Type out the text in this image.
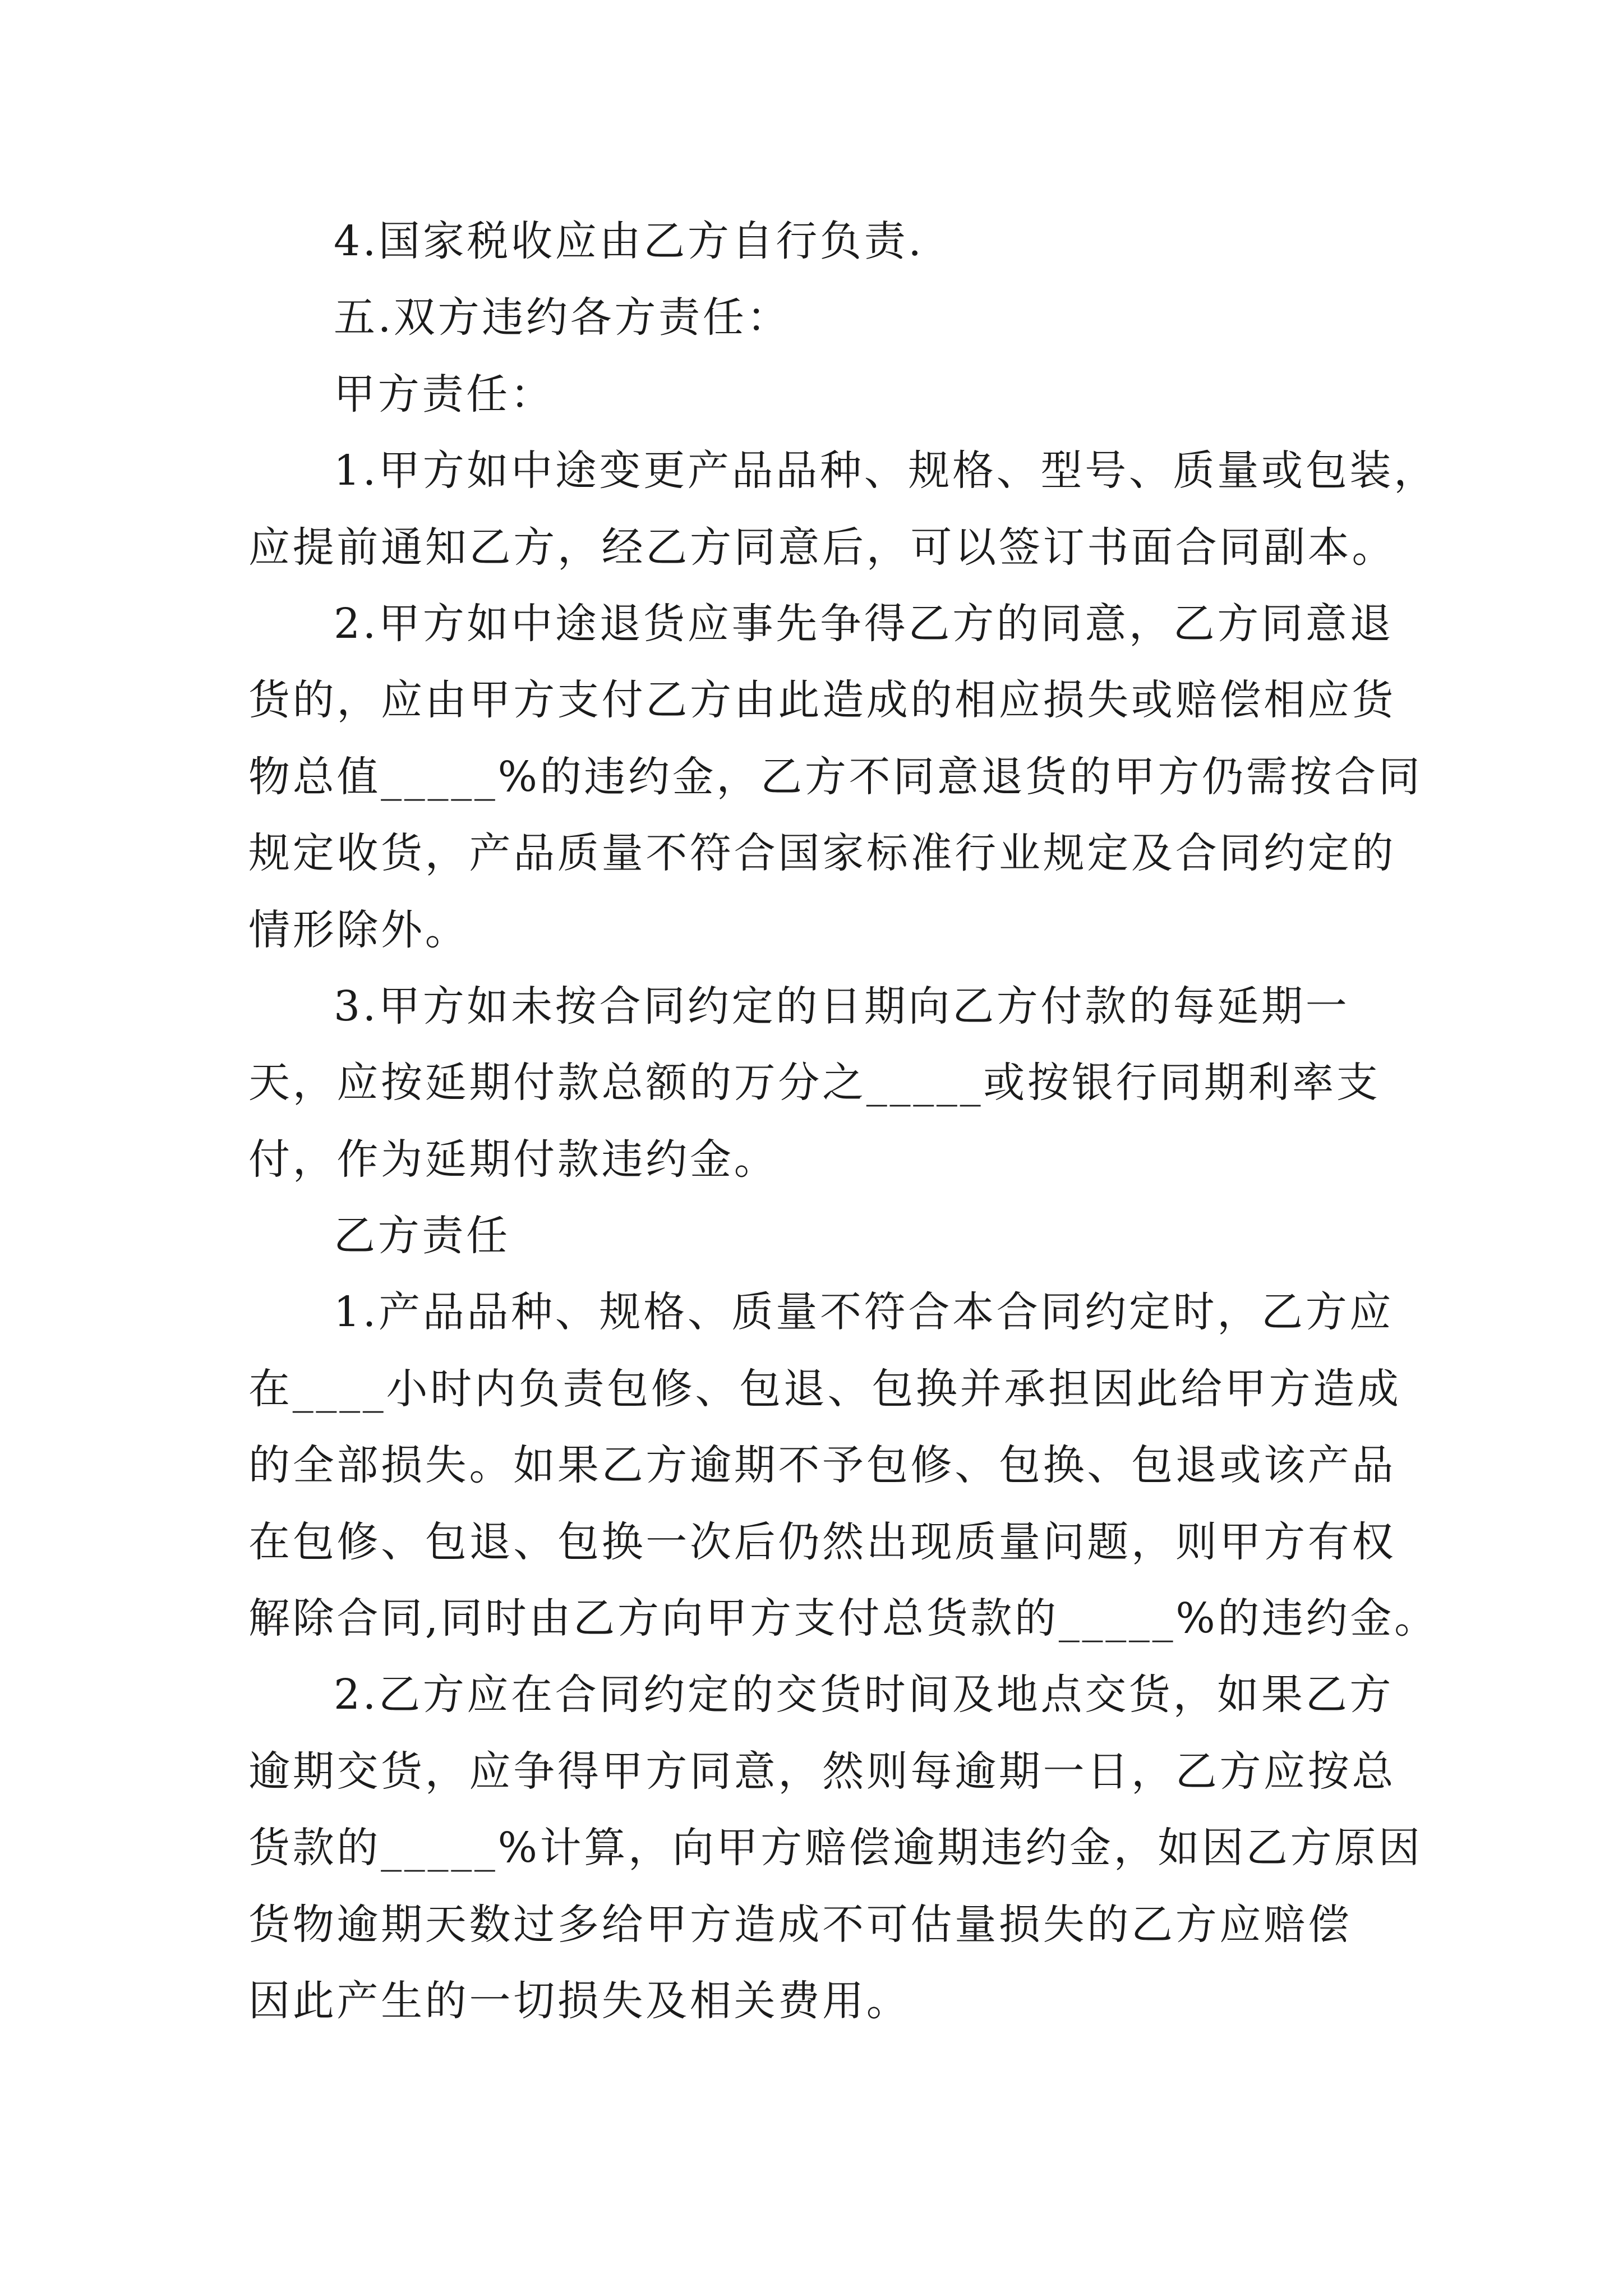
4.国家税收应由乙方自行负责.
五.双方违约各方责任：
甲方责任：
1.甲方如中途变更产品品种、规格、型号、质量或包装，
应提前通知乙方，经乙方同意后，可以签订书面合同副本。
2.甲方如中途退货应事先争得乙方的同意，乙方同意退
货的，应由甲方支付乙方由此造成的相应损失或赔偿相应货
物总值_____%的违约金，乙方不同意退货的甲方仍需按合同
规定收货，产品质量不符合国家标准行业规定及合同约定的
情形除外。
3.甲方如未按合同约定的日期向乙方付款的每延期一
天，应按延期付款总额的万分之_____或按银行同期利率支
付，作为延期付款违约金。
乙方责任
1.产品品种、规格、质量不符合本合同约定时，乙方应
在____小时内负责包修、包退、包换并承担因此给甲方造成
的全部损失。如果乙方逾期不予包修、包换、包退或该产品
在包修、包退、包换一次后仍然出现质量问题，则甲方有权
解除合同,同时由乙方向甲方支付总货款的_____%的违约金。
2.乙方应在合同约定的交货时间及地点交货，如果乙方
逾期交货，应争得甲方同意，然则每逾期一日，乙方应按总
货款的_____%计算，向甲方赔偿逾期违约金，如因乙方原因
货物逾期天数过多给甲方造成不可估量损失的乙方应赔偿
因此产生的一切损失及相关费用。
